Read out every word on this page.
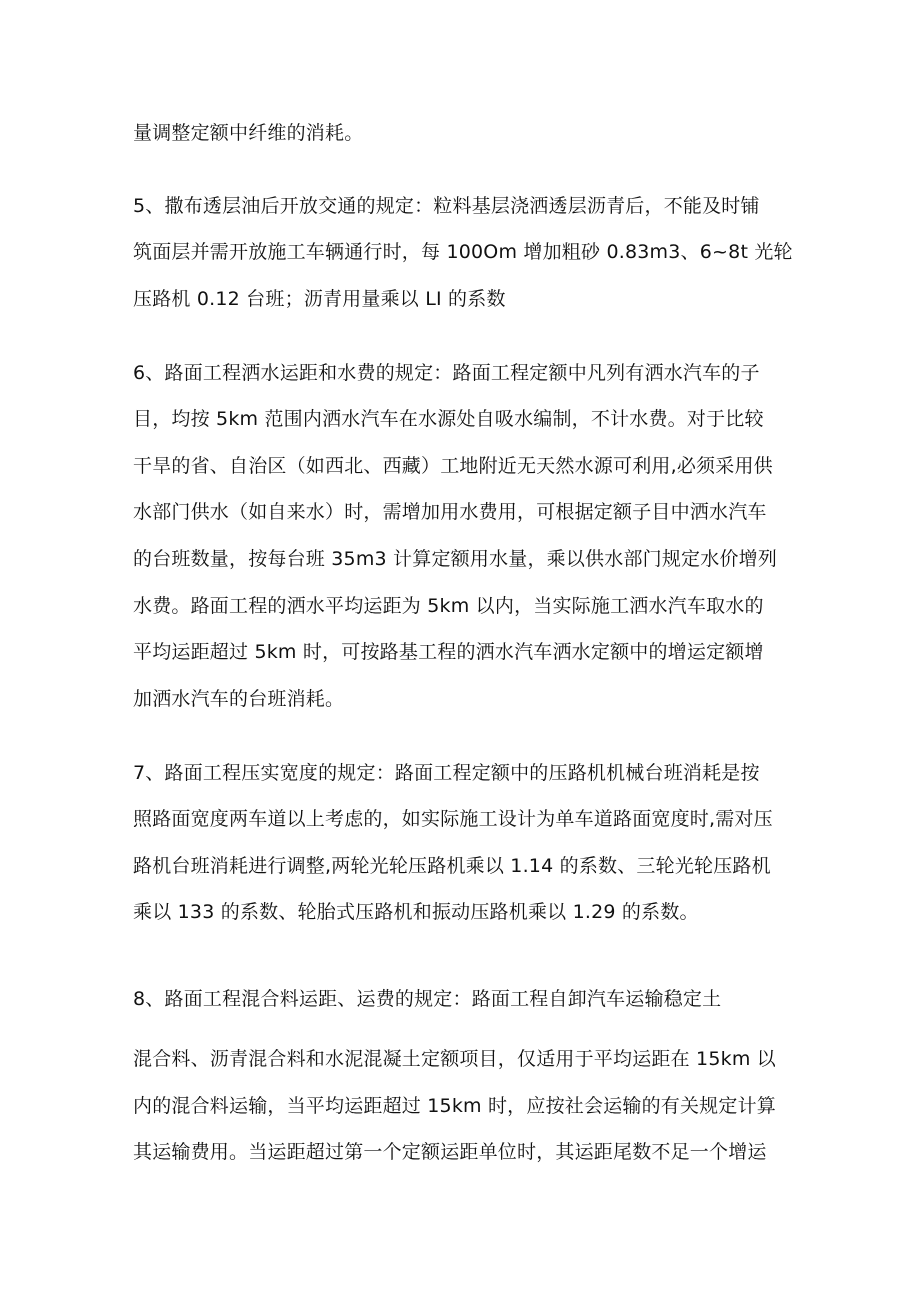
量调整定额中纤维的消耗。
5、撒布透层油后开放交通的规定：粒料基层浇洒透层沥青后，不能及时铺
筑面层并需开放施工车辆通行时，每 100Om 增加粗砂 0.83m3、6~8t 光轮
压路机 0.12 台班；沥青用量乘以 LI 的系数
6、路面工程洒水运距和水费的规定：路面工程定额中凡列有洒水汽车的子
目，均按 5km 范围内洒水汽车在水源处自吸水编制，不计水费。对于比较
干旱的省、自治区（如西北、西藏）工地附近无天然水源可利用,必须采用供
水部门供水（如自来水）时，需增加用水费用，可根据定额子目中洒水汽车
的台班数量，按每台班 35m3 计算定额用水量，乘以供水部门规定水价增列
水费。路面工程的洒水平均运距为 5km 以内，当实际施工洒水汽车取水的
平均运距超过 5km 时，可按路基工程的洒水汽车洒水定额中的增运定额增
加洒水汽车的台班消耗。
7、路面工程压实宽度的规定：路面工程定额中的压路机机械台班消耗是按
照路面宽度两车道以上考虑的，如实际施工设计为单车道路面宽度时,需对压
路机台班消耗进行调整,两轮光轮压路机乘以 1.14 的系数、三轮光轮压路机
乘以 133 的系数、轮胎式压路机和振动压路机乘以 1.29 的系数。
8、路面工程混合料运距、运费的规定：路面工程自卸汽车运输稳定土
混合料、沥青混合料和水泥混凝土定额项目，仅适用于平均运距在 15km 以
内的混合料运输，当平均运距超过 15km 时，应按社会运输的有关规定计算
其运输费用。当运距超过第一个定额运距单位时，其运距尾数不足一个增运
